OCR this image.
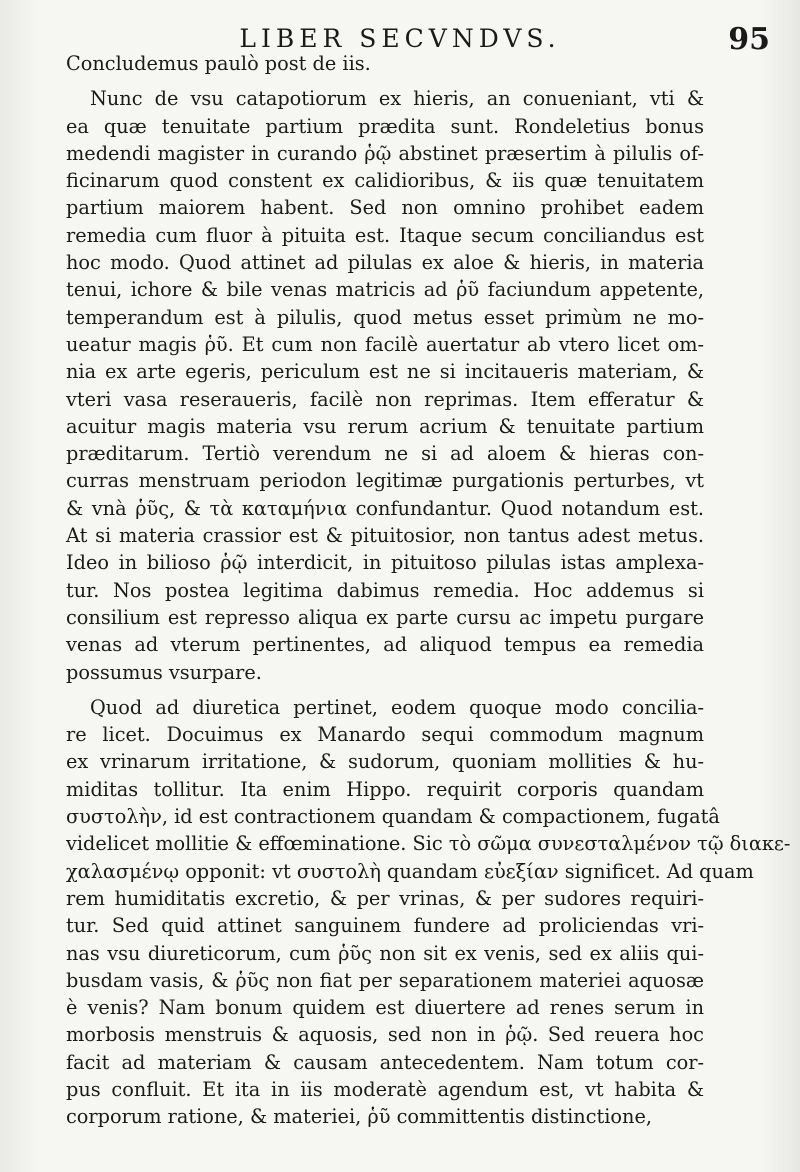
LIBER SECVNDVS.	95
Concludemus paulò post de iis.
Nunc de vsu catapotiorum ex hieris, an conueniant, vti &
ea quæ tenuitate partium prædita sunt. Rondeletius bonus
medendi magister in curando ῥῷ abstinet præsertim à pilulis of-
ficinarum quod constent ex calidioribus, & iis quæ tenuitatem
partium maiorem habent. Sed non omnino prohibet eadem
remedia cum fluor à pituita est. Itaque secum conciliandus est
hoc modo. Quod attinet ad pilulas ex aloe & hieris, in materia
tenui, ichore & bile venas matricis ad ῥῦ faciundum appetente,
temperandum est à pilulis, quod metus esset primùm ne mo-
ueatur magis ῥῦ. Et cum non facilè auertatur ab vtero licet om-
nia ex arte egeris, periculum est ne si incitaueris materiam, &
vteri vasa reseraueris, facilè non reprimas. Item efferatur &
acuitur magis materia vsu rerum acrium & tenuitate partium
præditarum. Tertiò verendum ne si ad aloem & hieras con-
curras menstruam periodon legitimæ purgationis perturbes, vt
& vnà ῥῦς, & τὰ καταμήνια confundantur. Quod notandum est.
At si materia crassior est & pituitosior, non tantus adest metus.
Ideo in bilioso ῥῷ interdicit, in pituitoso pilulas istas amplexa-
tur. Nos postea legitima dabimus remedia. Hoc addemus si
consilium est represso aliqua ex parte cursu ac impetu purgare
venas ad vterum pertinentes, ad aliquod tempus ea remedia
possumus vsurpare.
Quod ad diuretica pertinet, eodem quoque modo concilia-
re licet. Docuimus ex Manardo sequi commodum magnum
ex vrinarum irritatione, & sudorum, quoniam mollities & hu-
miditas tollitur. Ita enim Hippo. requirit corporis quandam
συστολὴν, id est contractionem quandam & compactionem, fugatâ
videlicet mollitie & effœminatione. Sic τὸ σῶμα συνεσταλμένον τῷ διακε-
χαλασμένῳ opponit: vt συστολὴ quandam εὐεξίαν significet. Ad quam
rem humiditatis excretio, & per vrinas, & per sudores requiri-
tur. Sed quid attinet sanguinem fundere ad proliciendas vri-
nas vsu diureticorum, cum ῥῦς non sit ex venis, sed ex aliis qui-
busdam vasis, & ῥῦς non fiat per separationem materiei aquosæ
è venis? Nam bonum quidem est diuertere ad renes serum in
morbosis menstruis & aquosis, sed non in ῥῷ. Sed reuera hoc
facit ad materiam & causam antecedentem. Nam totum cor-
pus confluit. Et ita in iis moderatè agendum est, vt habita &
corporum ratione, & materiei, ῥῦ committentis distinctione,
